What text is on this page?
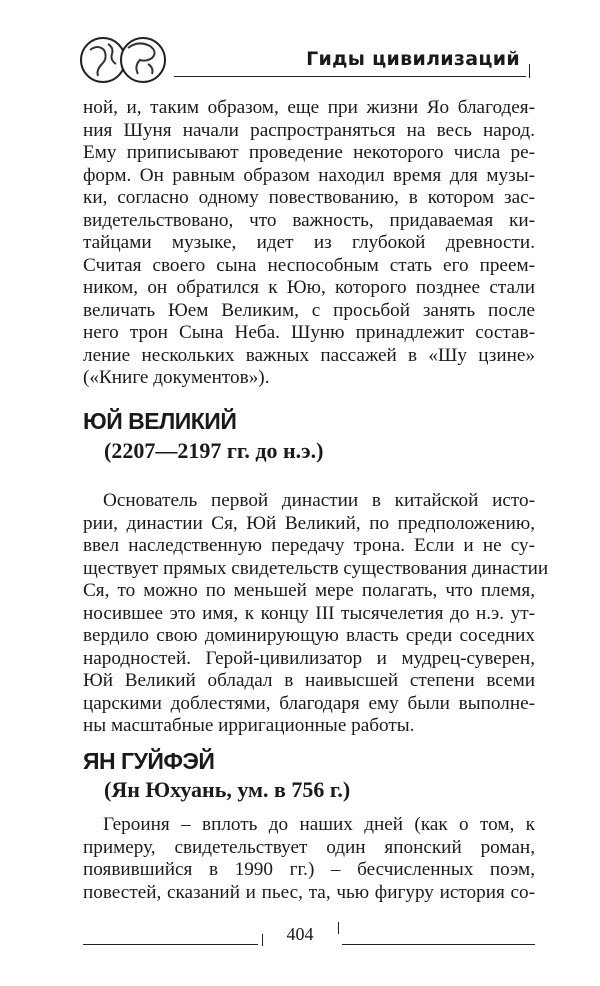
Гиды цивилизаций
ной, и, таким образом, еще при жизни Яо благодея-
ния Шуня начали распространяться на весь народ.
Ему приписывают проведение некоторого числа ре-
форм. Он равным образом находил время для музы-
ки, согласно одному повествованию, в котором зас-
видетельствовано, что важность, придаваемая ки-
тайцами музыке, идет из глубокой древности.
Считая своего сына неспособным стать его преем-
ником, он обратился к Юю, которого позднее стали
величать Юем Великим, с просьбой занять после
него трон Сына Неба. Шуню принадлежит состав-
ление нескольких важных пассажей в «Шу цзине»
(«Книге документов»).
ЮЙ ВЕЛИКИЙ
(2207—2197 гг. до н.э.)
Основатель первой династии в китайской исто-
рии, династии Ся, Юй Великий, по предположению,
ввел наследственную передачу трона. Если и не су-
ществует прямых свидетельств существования династии
Ся, то можно по меньшей мере полагать, что племя,
носившее это имя, к концу III тысячелетия до н.э. ут-
вердило свою доминирующую власть среди соседних
народностей. Герой-цивилизатор и мудрец-суверен,
Юй Великий обладал в наивысшей степени всеми
царскими доблестями, благодаря ему были выполне-
ны масштабные ирригационные работы.
ЯН ГУЙФЭЙ
(Ян Юхуань, ум. в 756 г.)
Героиня – вплоть до наших дней (как о том, к
примеру, свидетельствует один японский роман,
появившийся в 1990 гг.) – бесчисленных поэм,
повестей, сказаний и пьес, та, чью фигуру история со-
404
